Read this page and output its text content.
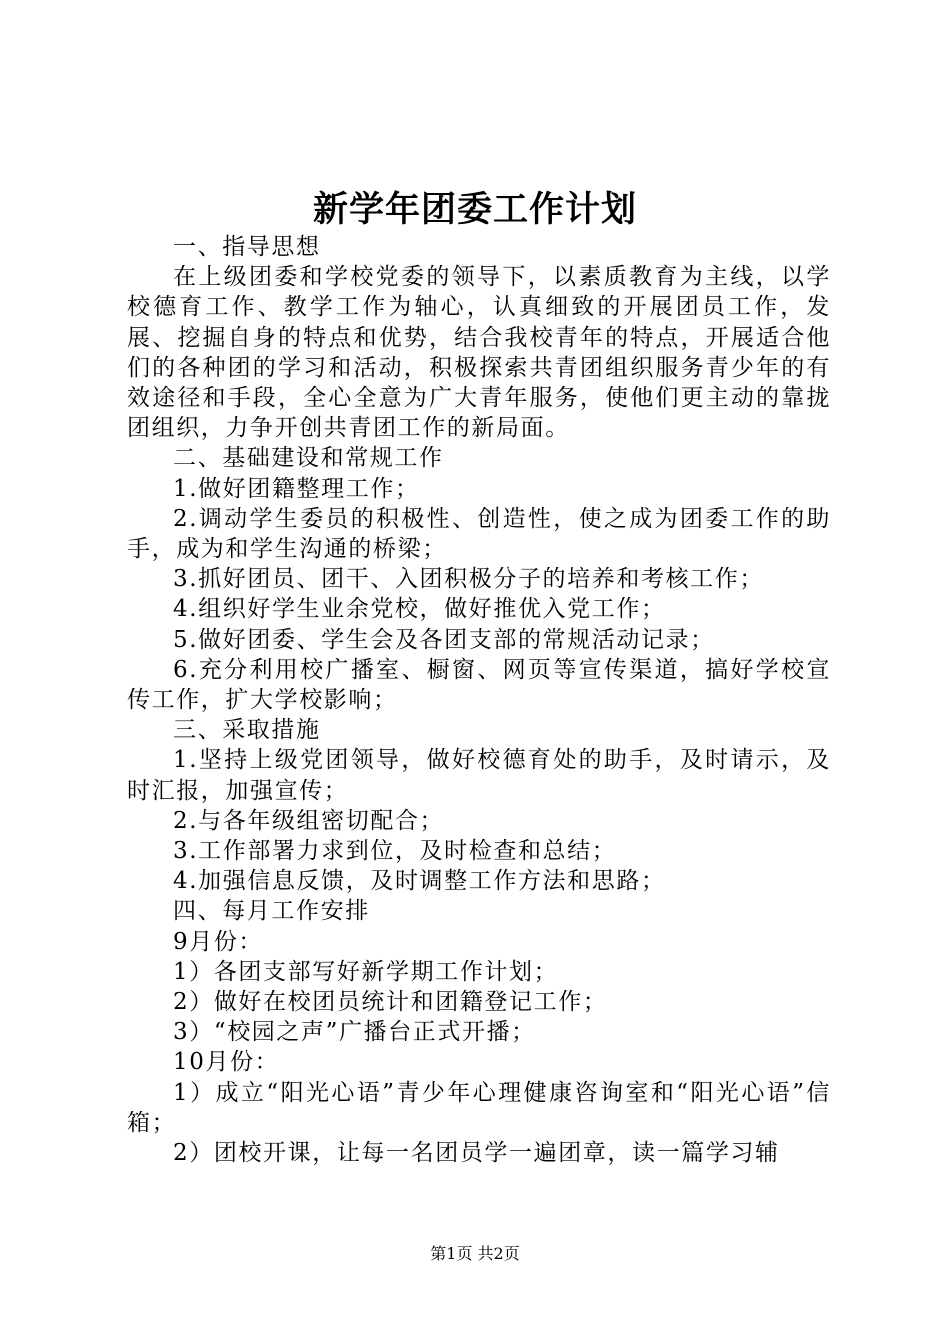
新学年团委工作计划

一、指导思想

在上级团委和学校党委的领导下，以素质教育为主线，以学校德育工作、教学工作为轴心，认真细致的开展团员工作，发展、挖掘自身的特点和优势，结合我校青年的特点，开展适合他们的各种团的学习和活动，积极探索共青团组织服务青少年的有效途径和手段，全心全意为广大青年服务，使他们更主动的靠拢团组织，力争开创共青团工作的新局面。

二、基础建设和常规工作

1.做好团籍整理工作；

2.调动学生委员的积极性、创造性，使之成为团委工作的助手，成为和学生沟通的桥梁；

3.抓好团员、团干、入团积极分子的培养和考核工作；

4.组织好学生业余党校，做好推优入党工作；

5.做好团委、学生会及各团支部的常规活动记录；

6.充分利用校广播室、橱窗、网页等宣传渠道，搞好学校宣传工作，扩大学校影响；

三、采取措施

1.坚持上级党团领导，做好校德育处的助手，及时请示，及时汇报，加强宣传；

2.与各年级组密切配合；

3.工作部署力求到位，及时检查和总结；

4.加强信息反馈，及时调整工作方法和思路；

四、每月工作安排

9月份：

1）各团支部写好新学期工作计划；

2）做好在校团员统计和团籍登记工作；

3）“校园之声”广播台正式开播；

10月份：

1）成立“阳光心语”青少年心理健康咨询室和“阳光心语”信箱；

2）团校开课，让每一名团员学一遍团章，读一篇学习辅

第1页 共2页
